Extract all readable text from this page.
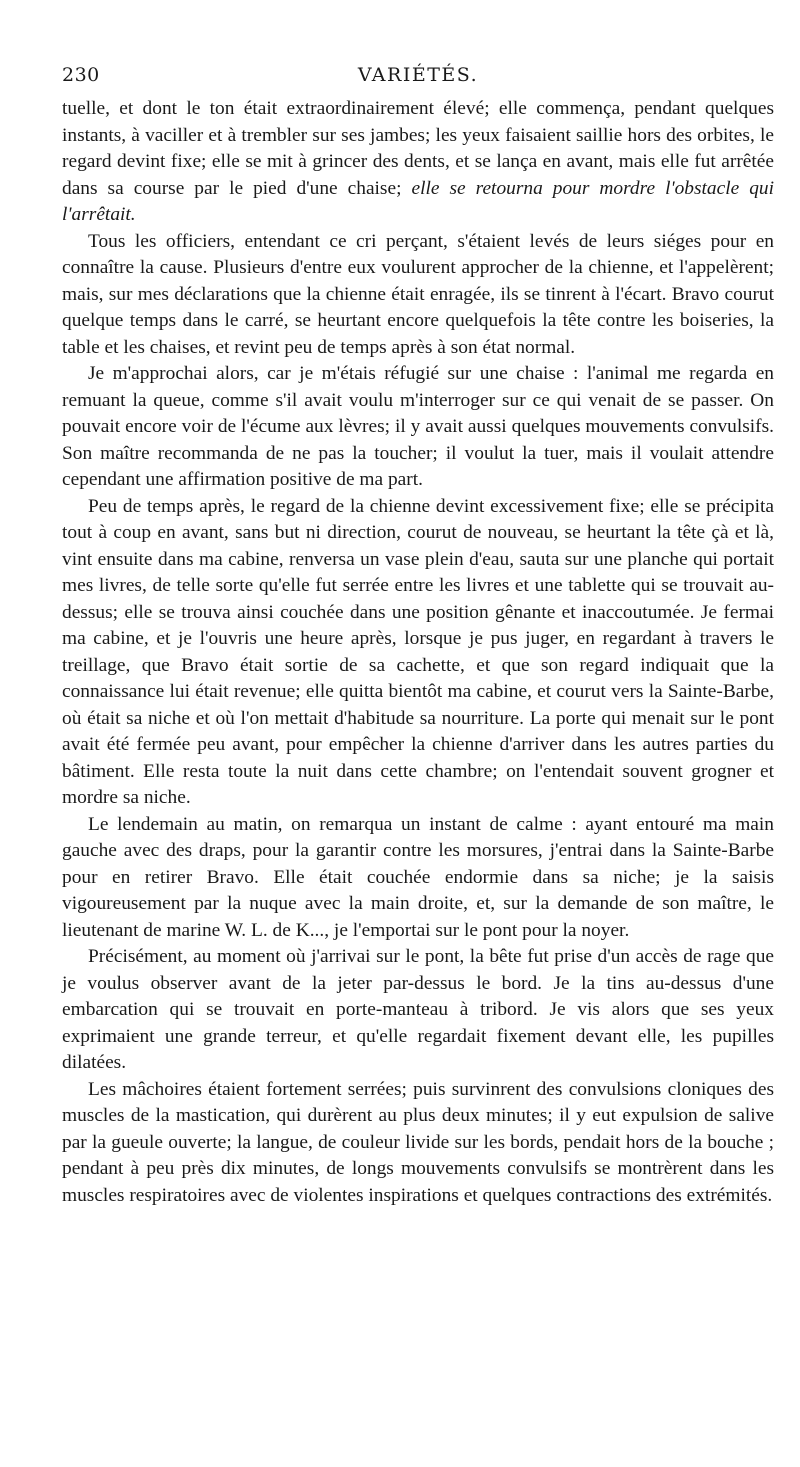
230	VARIÉTÉS.

tuelle, et dont le ton était extraordinairement élevé; elle commença, pendant quelques instants, à vaciller et à trembler sur ses jambes; les yeux faisaient saillie hors des orbites, le regard devint fixe; elle se mit à grincer des dents, et se lança en avant, mais elle fut arrêtée dans sa course par le pied d'une chaise; elle se retourna pour mordre l'obstacle qui l'arrêtait.

Tous les officiers, entendant ce cri perçant, s'étaient levés de leurs siéges pour en connaître la cause. Plusieurs d'entre eux voulurent approcher de la chienne, et l'appelèrent; mais, sur mes déclarations que la chienne était enragée, ils se tinrent à l'écart. Bravo courut quelque temps dans le carré, se heurtant encore quelquefois la tête contre les boiseries, la table et les chaises, et revint peu de temps après à son état normal.

Je m'approchai alors, car je m'étais réfugié sur une chaise : l'animal me regarda en remuant la queue, comme s'il avait voulu m'interroger sur ce qui venait de se passer. On pouvait encore voir de l'écume aux lèvres; il y avait aussi quelques mouvements convulsifs. Son maître recommanda de ne pas la toucher; il voulut la tuer, mais il voulait attendre cependant une affirmation positive de ma part.

Peu de temps après, le regard de la chienne devint excessivement fixe; elle se précipita tout à coup en avant, sans but ni direction, courut de nouveau, se heurtant la tête çà et là, vint ensuite dans ma cabine, renversa un vase plein d'eau, sauta sur une planche qui portait mes livres, de telle sorte qu'elle fut serrée entre les livres et une tablette qui se trouvait au-dessus; elle se trouva ainsi couchée dans une position gênante et inaccoutumée. Je fermai ma cabine, et je l'ouvris une heure après, lorsque je pus juger, en regardant à travers le treillage, que Bravo était sortie de sa cachette, et que son regard indiquait que la connaissance lui était revenue; elle quitta bientôt ma cabine, et courut vers la Sainte-Barbe, où était sa niche et où l'on mettait d'habitude sa nourriture. La porte qui menait sur le pont avait été fermée peu avant, pour empêcher la chienne d'arriver dans les autres parties du bâtiment. Elle resta toute la nuit dans cette chambre; on l'entendait souvent grogner et mordre sa niche.

Le lendemain au matin, on remarqua un instant de calme : ayant entouré ma main gauche avec des draps, pour la garantir contre les morsures, j'entrai dans la Sainte-Barbe pour en retirer Bravo. Elle était couchée endormie dans sa niche; je la saisis vigoureusement par la nuque avec la main droite, et, sur la demande de son maître, le lieutenant de marine W. L. de K..., je l'emportai sur le pont pour la noyer.

Précisément, au moment où j'arrivai sur le pont, la bête fut prise d'un accès de rage que je voulus observer avant de la jeter par-dessus le bord. Je la tins au-dessus d'une embarcation qui se trouvait en porte-manteau à tribord. Je vis alors que ses yeux exprimaient une grande terreur, et qu'elle regardait fixement devant elle, les pupilles dilatées.

Les mâchoires étaient fortement serrées; puis survinrent des convulsions cloniques des muscles de la mastication, qui durèrent au plus deux minutes; il y eut expulsion de salive par la gueule ouverte; la langue, de couleur livide sur les bords, pendait hors de la bouche ; pendant à peu près dix minutes, de longs mouvements convulsifs se montrèrent dans les muscles respiratoires avec de violentes inspirations et quelques contractions des extrémités.
